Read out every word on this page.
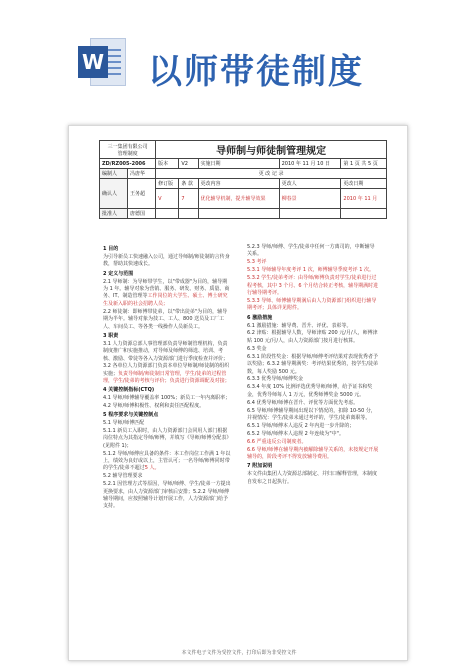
W 以师带徒制度
三一集团有限公司
管理制度		导师制与师徒制管理规定				
ZD/RZ005-2006		版本	V2	实施日期	2010 年 11 月 10 日	第 1 页 共 5 页
编制人	冯唐华	更 改 记 录				
确认人	王务超	修订版	条 款	更改内容	更改人	更改日期
		V	7	优化辅导机制，提升辅导效果	柳春景	2010 年 11 月
批准人	唐德国					

1 目的

为引导新员工快速融入公司，通过导师制/师徒制的言传身教，帮助其快速成长。

2 定义与范围

2.1 导师制：为导师带学生，以"带成器"为目的，辅导期为 1 年。辅导对象为营销、服务、研发、财务、质量、商务、IT、制造管理等工作岗位的大学生、硕士、博士研究生及新入职的社会招聘人员；

2.2 师徒制：即师傅带徒弟，以"带出徒弟"为目的，辅导期为半年。辅导对象为技工、工人、800 送员及工厂工人、车间员工、等各类一线操作人员新员工。

3 职责

3.1 人力资源总部人事管理部负责导师制管理机构，负责制度推广和实施推动，对导师及师傅的筛选、培训、考核、激励、带徒等各入力资源部门进行季度检查并评价；3.2 各单位人力资源部门负责本单位导师制/师徒制的组织实施；负责导师制/师徒制日常管理，学生/徒弟的过程管理，学生/徒弟的考核与评价；负责进行资源调配及对接；

4 关键控制指标(CTQ)

4.1 导师/师傅辅导覆盖率 100%；新员工一年内离职率；4.2 导师/师傅积极性、权利和责任匹配程度。

5 程序要求与关键控制点

5.1 导师/师傅匹配

5.1.1 新员工入职时，由人力资源部门会同用人部门根据岗位特点为其指定导师/师傅，并填写《导师/师傅分配表》(见附件 1)；

5.1.2 导师/师傅应具备的条件：本工作岗位工作满 1 年以上，绩效为良好或以上，主管认可；一名导师/师傅同时带的学生/徒弟不超过5 人。

5.2 辅导管理要求

5.2.1 因管理方式等原因，导师/师傅、学生/徒弟一方提出更换要求，由人力资源部门审核后安排；5.2.2 导师/师傅辅导期间，应按照辅导计划开展工作，人力资源部门给予支持。

5.2.3 导师/师傅、学生/徒弟中任何一方离司的，中断辅导关系。

5.3 考评

5.3.1 导师辅导年度考评 1 次，师傅辅导季度考评 1 次。

5.3.2 学生/徒弟考评：由导师/师傅负责对学生/徒弟进行过程考核，其中 3 个月、6 个月结合转正考核，辅导期满时进行辅导期考评。

5.3.3 导师、师傅辅导期满后由人力资源部门组织进行辅导期考评；具体详见附件。

6 激励措施

6.1 激励措施：辅导费、晋升、评优、表彰等。

6.2 津贴：根据辅导人数，导师津贴 200 元/月/人，师傅津贴 100 元/月/人，由人力资源部门按月进行核算。

6.3 奖金

6.3.1 阶段性奖金：根据导师/师傅考评结果对表现优秀者予以奖励；6.3.2 辅导期满奖：考评结果优秀的，按学生/徒弟数，每人奖励 500 元。

6.3.3 优秀导师/师傅奖金

6.3.4 年度 10% 比例评选优秀导师/师傅，给予证书和奖金，优秀导师每人 1 万元，优秀师傅奖金 5000 元。

6.4 优秀导师/师傅在晋升、评优等方面优先考虑。

6.5 导师/师傅辅导期间出现以下情况的，扣除 10-50 分，并视情况：学生/徒弟未通过考评的，学生/徒弟离职等。

6.5.1 导师/师傅本人违反 2 年内进一步升降的；

6.5.2 导师/师傅本人违规 2 年连续为"中"。

6.6 严重违反公司制度者。

6.6 导师/师傅在辅导期内被解除辅导关系的，未按规定开展辅导的，阶段考评不得发放辅导费用。

7 附加说明

本文件由集团人力资源总部制定、并归口解释管理，本制度自发布之日起执行。

本文件电子文件为受控文件，打印后即为非受控文件
